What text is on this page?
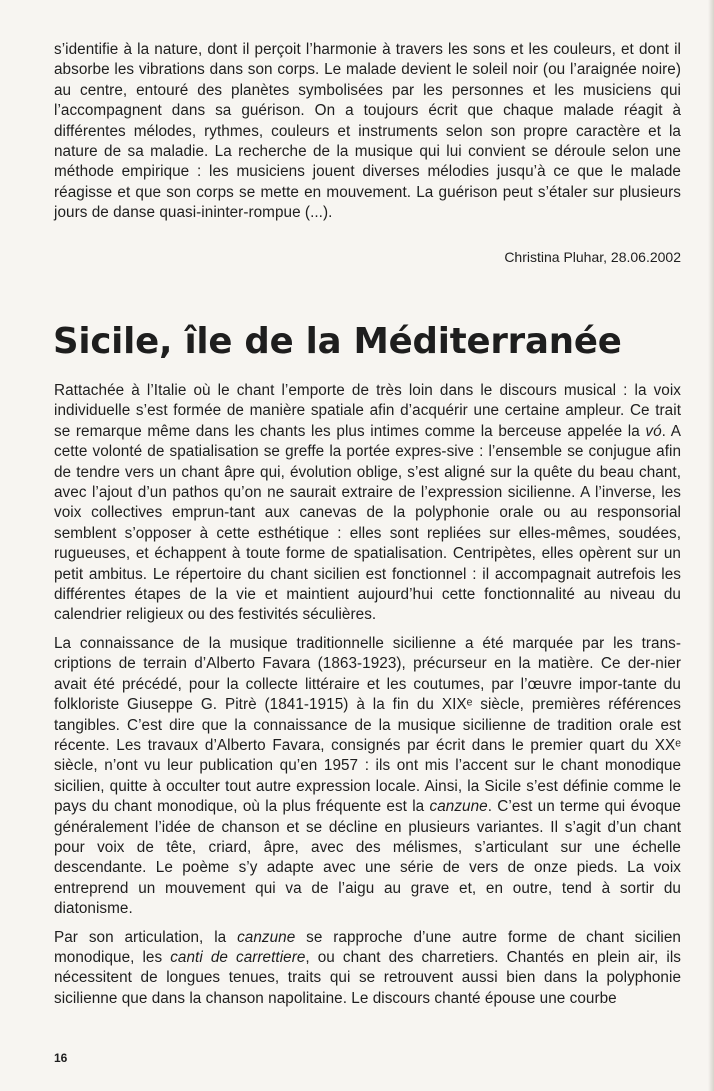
s’identifie à la nature, dont il perçoit l’harmonie à travers les sons et les couleurs, et dont il absorbe les vibrations dans son corps. Le malade devient le soleil noir (ou l’araignée noire) au centre, entouré des planètes symbolisées par les personnes et les musiciens qui l’accompagnent dans sa guérison. On a toujours écrit que chaque malade réagit à différentes mélodes, rythmes, couleurs et instruments selon son propre caractère et la nature de sa maladie. La recherche de la musique qui lui convient se déroule selon une méthode empirique : les musiciens jouent diverses mélodies jusqu’à ce que le malade réagisse et que son corps se mette en mouvement. La guérison peut s’étaler sur plusieurs jours de danse quasi-ininter-rompue (...).

Christina Pluhar, 28.06.2002
Sicile, île de la Méditerranée

Rattachée à l’Italie où le chant l’emporte de très loin dans le discours musical : la voix individuelle s’est formée de manière spatiale afin d’acquérir une certaine ampleur. Ce trait se remarque même dans les chants les plus intimes comme la berceuse appelée la vó. A cette volonté de spatialisation se greffe la portée expres-sive : l’ensemble se conjugue afin de tendre vers un chant âpre qui, évolution oblige, s’est aligné sur la quête du beau chant, avec l’ajout d’un pathos qu’on ne saurait extraire de l’expression sicilienne. A l’inverse, les voix collectives emprun-tant aux canevas de la polyphonie orale ou au responsorial semblent s’opposer à cette esthétique : elles sont repliées sur elles-mêmes, soudées, rugueuses, et échappent à toute forme de spatialisation. Centripètes, elles opèrent sur un petit ambitus. Le répertoire du chant sicilien est fonctionnel : il accompagnait autrefois les différentes étapes de la vie et maintient aujourd’hui cette fonctionnalité au niveau du calendrier religieux ou des festivités séculières.

La connaissance de la musique traditionnelle sicilienne a été marquée par les trans-criptions de terrain d’Alberto Favara (1863-1923), précurseur en la matière. Ce der-nier avait été précédé, pour la collecte littéraire et les coutumes, par l’œuvre impor-tante du folkloriste Giuseppe G. Pitrè (1841-1915) à la fin du XIXᵉ siècle, premières références tangibles. C’est dire que la connaissance de la musique sicilienne de tradition orale est récente. Les travaux d’Alberto Favara, consignés par écrit dans le premier quart du XXᵉ siècle, n’ont vu leur publication qu’en 1957 : ils ont mis l’accent sur le chant monodique sicilien, quitte à occulter tout autre expression locale. Ainsi, la Sicile s’est définie comme le pays du chant monodique, où la plus fréquente est la canzune. C’est un terme qui évoque généralement l’idée de chanson et se décline en plusieurs variantes. Il s’agit d’un chant pour voix de tête, criard, âpre, avec des mélismes, s’articulant sur une échelle descendante. Le poème s’y adapte avec une série de vers de onze pieds. La voix entreprend un mouvement qui va de l’aigu au grave et, en outre, tend à sortir du diatonisme.

Par son articulation, la canzune se rapproche d’une autre forme de chant sicilien monodique, les canti de carrettiere, ou chant des charretiers. Chantés en plein air, ils nécessitent de longues tenues, traits qui se retrouvent aussi bien dans la polyphonie sicilienne que dans la chanson napolitaine. Le discours chanté épouse une courbe

16
